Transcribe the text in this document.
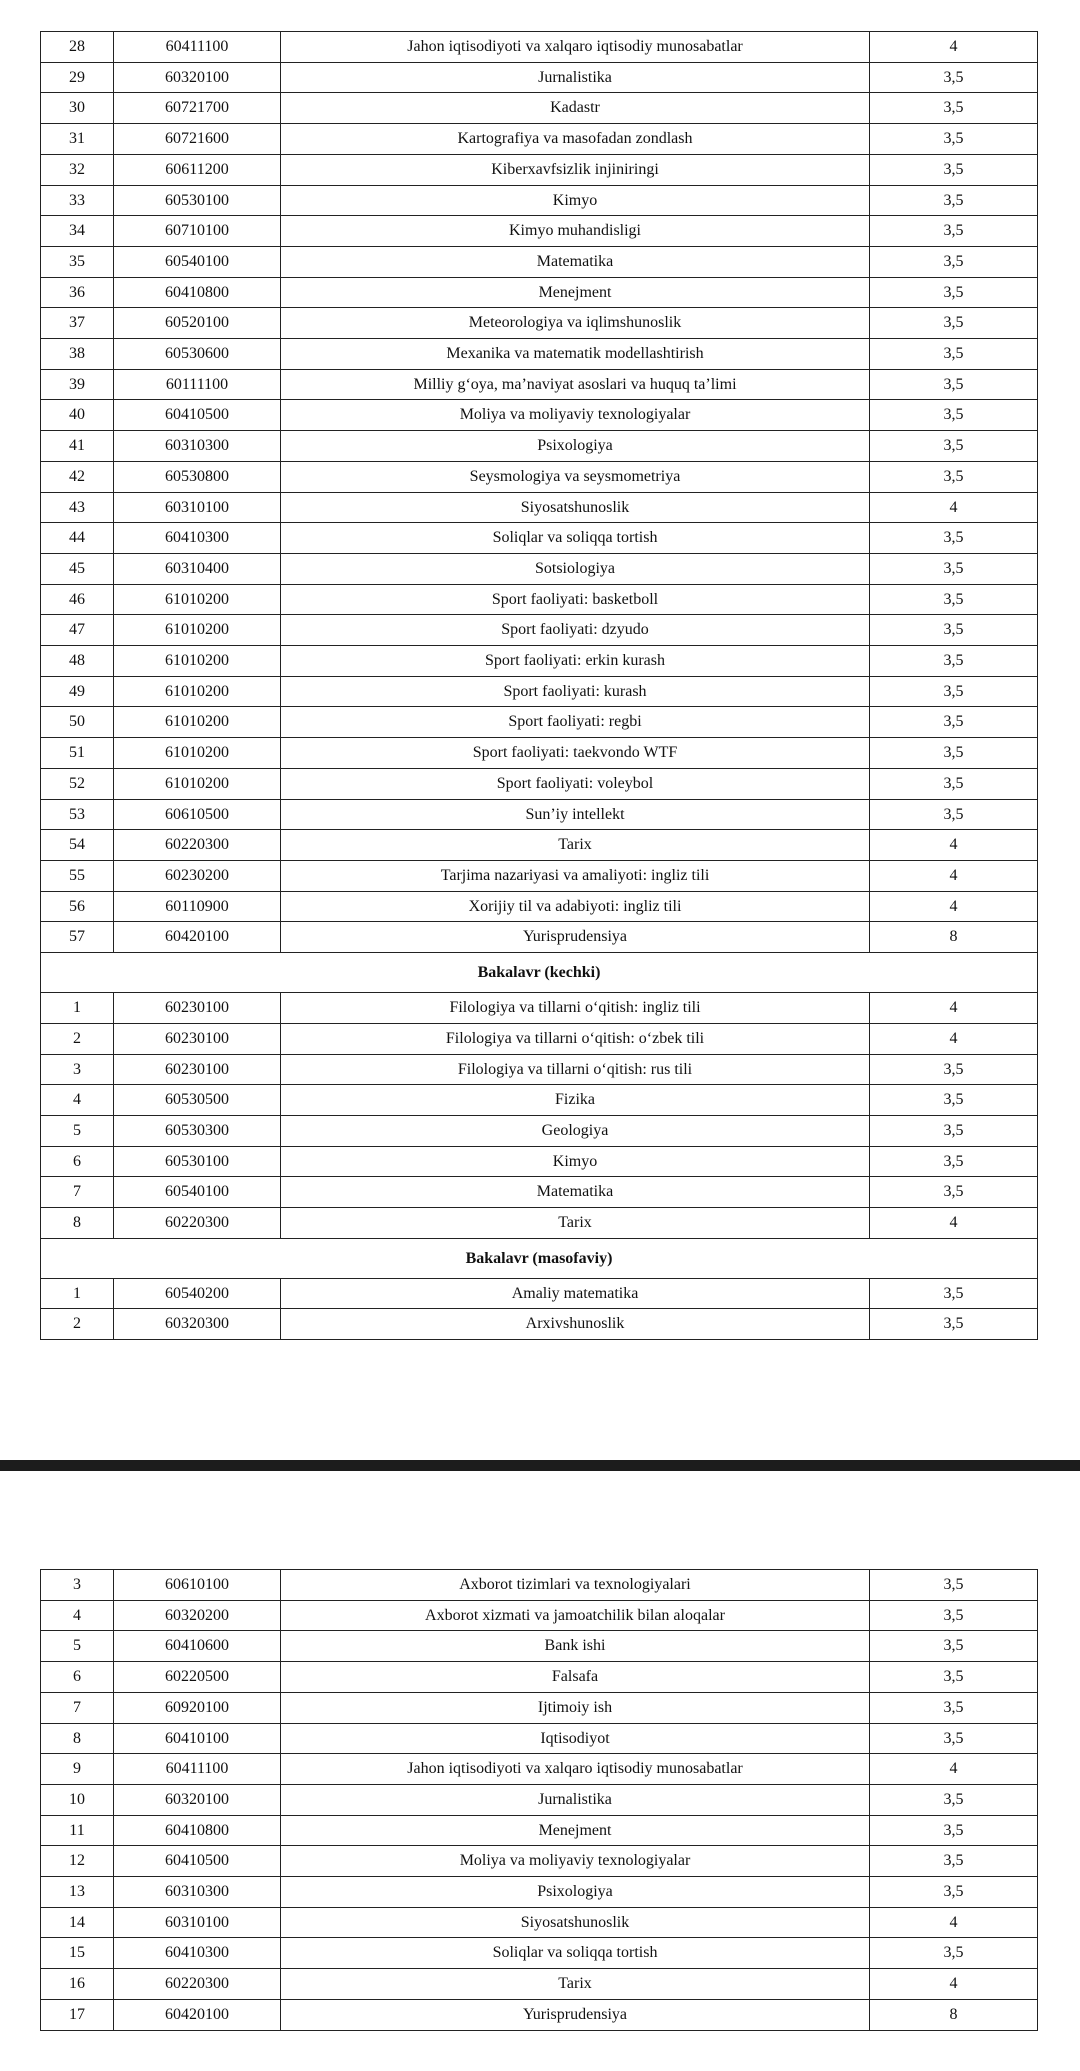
28	60411100	Jahon iqtisodiyoti va xalqaro iqtisodiy munosabatlar	4
29	60320100	Jurnalistika	3,5
30	60721700	Kadastr	3,5
31	60721600	Kartografiya va masofadan zondlash	3,5
32	60611200	Kiberxavfsizlik injiniringi	3,5
33	60530100	Kimyo	3,5
34	60710100	Kimyo muhandisligi	3,5
35	60540100	Matematika	3,5
36	60410800	Menejment	3,5
37	60520100	Meteorologiya va iqlimshunoslik	3,5
38	60530600	Mexanika va matematik modellashtirish	3,5
39	60111100	Milliy g‘oya, ma’naviyat asoslari va huquq ta’limi	3,5
40	60410500	Moliya va moliyaviy texnologiyalar	3,5
41	60310300	Psixologiya	3,5
42	60530800	Seysmologiya va seysmometriya	3,5
43	60310100	Siyosatshunoslik	4
44	60410300	Soliqlar va soliqqa tortish	3,5
45	60310400	Sotsiologiya	3,5
46	61010200	Sport faoliyati: basketboll	3,5
47	61010200	Sport faoliyati: dzyudo	3,5
48	61010200	Sport faoliyati: erkin kurash	3,5
49	61010200	Sport faoliyati: kurash	3,5
50	61010200	Sport faoliyati: regbi	3,5
51	61010200	Sport faoliyati: taekvondo WTF	3,5
52	61010200	Sport faoliyati: voleybol	3,5
53	60610500	Sun’iy intellekt	3,5
54	60220300	Tarix	4
55	60230200	Tarjima nazariyasi va amaliyoti: ingliz tili	4
56	60110900	Xorijiy til va adabiyoti: ingliz tili	4
57	60420100	Yurisprudensiya	8
Bakalavr (kechki)			
1	60230100	Filologiya va tillarni o‘qitish: ingliz tili	4
2	60230100	Filologiya va tillarni o‘qitish: o‘zbek tili	4
3	60230100	Filologiya va tillarni o‘qitish: rus tili	3,5
4	60530500	Fizika	3,5
5	60530300	Geologiya	3,5
6	60530100	Kimyo	3,5
7	60540100	Matematika	3,5
8	60220300	Tarix	4
Bakalavr (masofaviy)			
1	60540200	Amaliy matematika	3,5
2	60320300	Arxivshunoslik	3,5
3	60610100	Axborot tizimlari va texnologiyalari	3,5
4	60320200	Axborot xizmati va jamoatchilik bilan aloqalar	3,5
5	60410600	Bank ishi	3,5
6	60220500	Falsafa	3,5
7	60920100	Ijtimoiy ish	3,5
8	60410100	Iqtisodiyot	3,5
9	60411100	Jahon iqtisodiyoti va xalqaro iqtisodiy munosabatlar	4
10	60320100	Jurnalistika	3,5
11	60410800	Menejment	3,5
12	60410500	Moliya va moliyaviy texnologiyalar	3,5
13	60310300	Psixologiya	3,5
14	60310100	Siyosatshunoslik	4
15	60410300	Soliqlar va soliqqa tortish	3,5
16	60220300	Tarix	4
17	60420100	Yurisprudensiya	8
